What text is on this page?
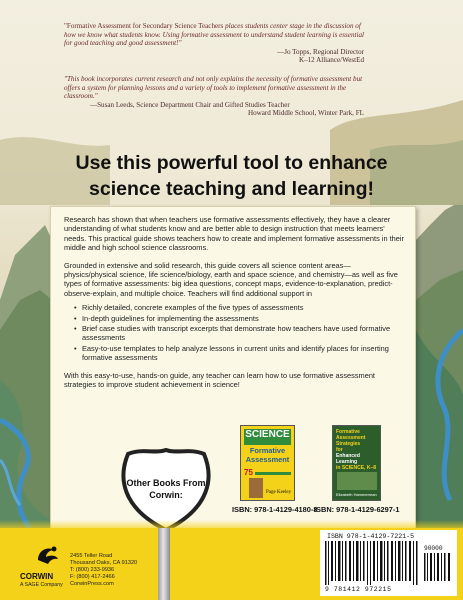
"Formative Assessment for Secondary Science Teachers places students center stage in the discussion of how we know what students know. Using formative assessment to understand student learning is essential for good teaching and good assessment!"
—Jo Topps, Regional Director
K–12 Alliance/WestEd
"This book incorporates current research and not only explains the necessity of formative assessment but offers a system for planning lessons and a variety of tools to implement formative assessment in the classroom."
—Susan Leeds, Science Department Chair and Gifted Studies Teacher
Howard Middle School, Winter Park, FL
Use this powerful tool to enhance
science teaching and learning!

Research has shown that when teachers use formative assessments effectively, they have a clearer understanding of what students know and are better able to design instruction that meets learners' needs. This practical guide shows teachers how to create and implement formative assessments in their middle and high school science classrooms.

Grounded in extensive and solid research, this guide covers all science content areas—physics/physical science, life science/biology, earth and space science, and chemistry—as well as five types of formative assessments: big idea questions, concept maps, evidence-to-explanation, predict-observe-explain, and multiple choice. Teachers will find additional support in

• Richly detailed, concrete examples of the five types of assessments
• In-depth guidelines for implementing the assessments
• Brief case studies with transcript excerpts that demonstrate how teachers have used formative assessments
• Easy-to-use templates to help analyze lessons in current units and identify places for inserting formative assessments

With this easy-to-use, hands-on guide, any teacher can learn how to use formative assessment strategies to improve student achievement in science!

Other Books From Corwin:
SCIENCE
Formative
Assessment
75
Page Keeley
ISBN: 978-1-4129-4180-8
Formative
Assessment
Strategies
for
Enhanced
Learning
in SCIENCE, K–8
Elizabeth Hammerman
ISBN: 978-1-4129-6297-1
CORWIN
A SAGE Company
2455 Teller Road
Thousand Oaks, CA 91320
T: (800) 233-9936
F: (800) 417-2466
CorwinPress.com
ISBN 978-1-4129-7221-5
90000
9 781412 972215
